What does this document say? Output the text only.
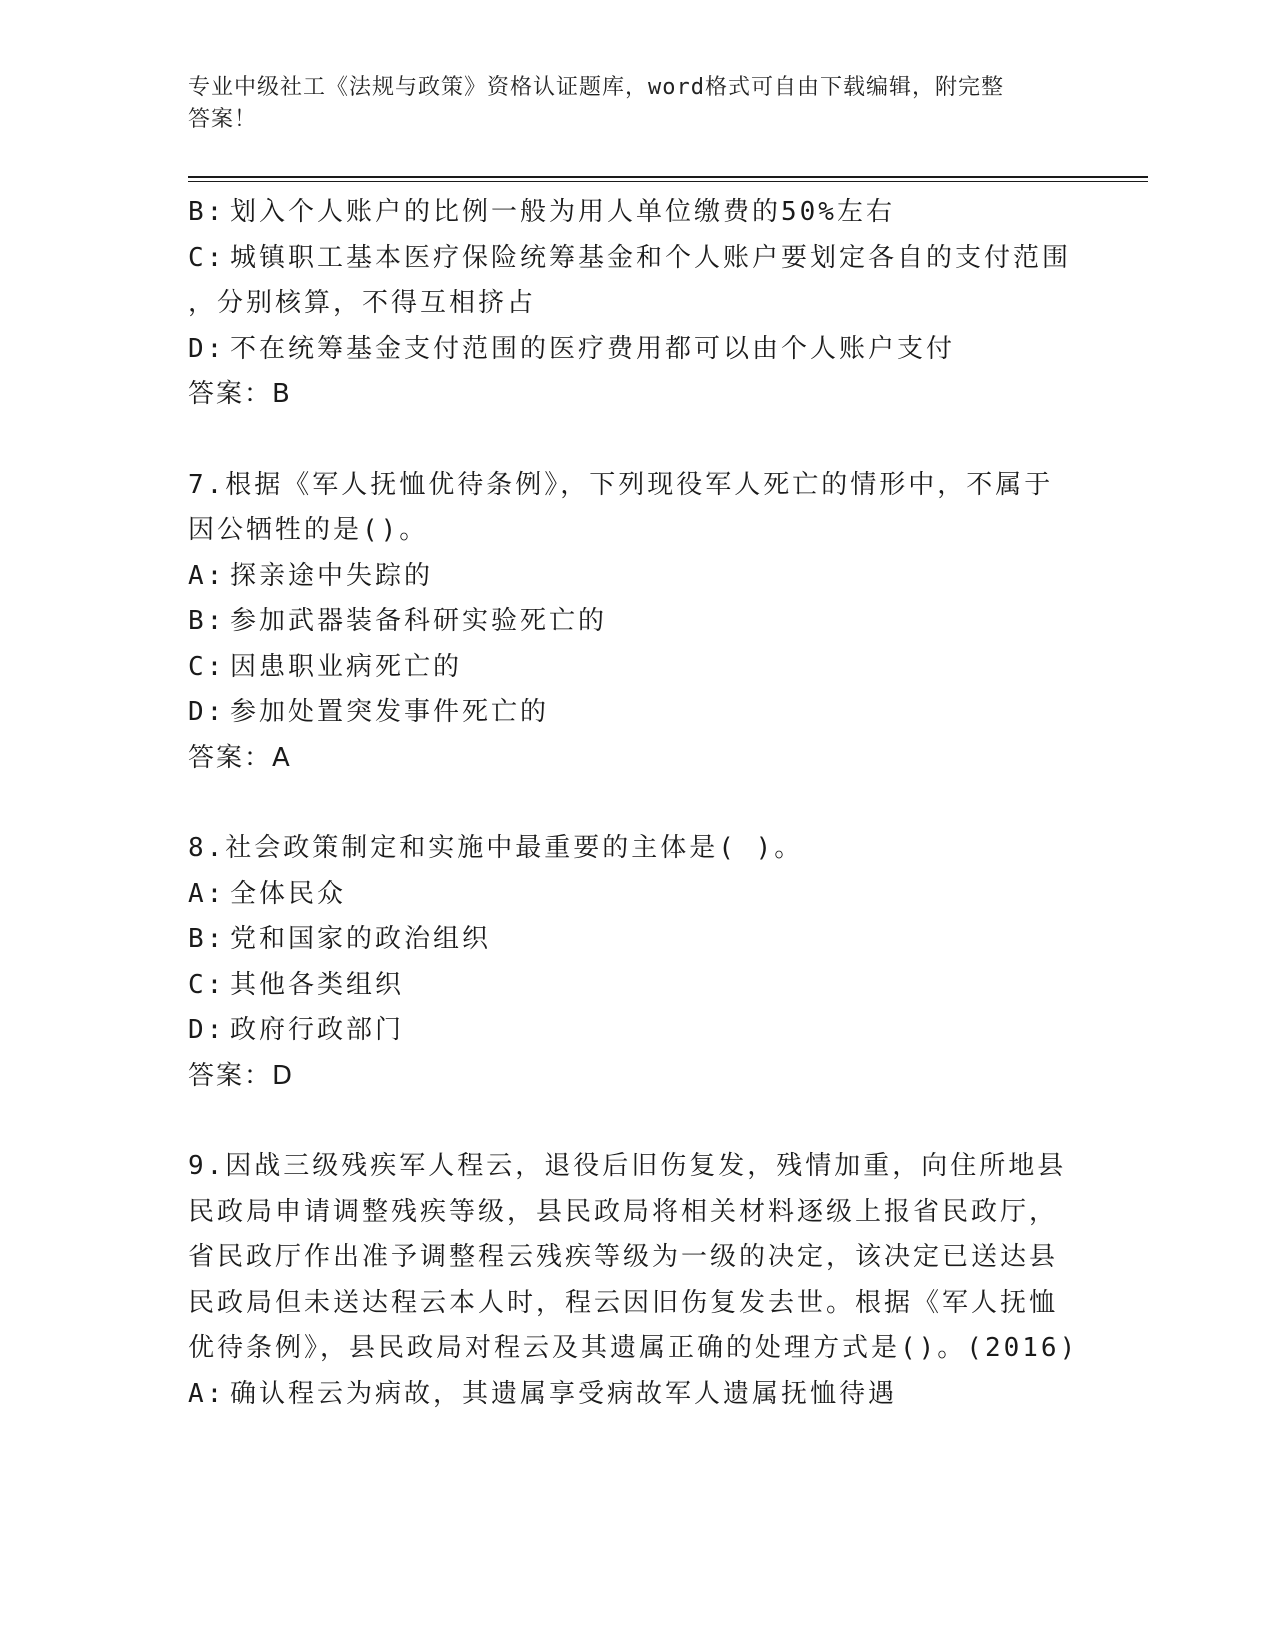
专业中级社工《法规与政策》资格认证题库，word格式可自由下载编辑，附完整
答案！
B: 划入个人账户的比例一般为用人单位缴费的50%左右
C: 城镇职工基本医疗保险统筹基金和个人账户要划定各自的支付范围
，分别核算，不得互相挤占
D: 不在统筹基金支付范围的医疗费用都可以由个人账户支付
答案：B
7.根据《军人抚恤优待条例》，下列现役军人死亡的情形中，不属于
因公牺牲的是()。
A: 探亲途中失踪的
B: 参加武器装备科研实验死亡的
C: 因患职业病死亡的
D: 参加处置突发事件死亡的
答案：A
8.社会政策制定和实施中最重要的主体是( )。
A: 全体民众
B: 党和国家的政治组织
C: 其他各类组织
D: 政府行政部门
答案：D
9.因战三级残疾军人程云，退役后旧伤复发，残情加重，向住所地县
民政局申请调整残疾等级，县民政局将相关材料逐级上报省民政厅，
省民政厅作出准予调整程云残疾等级为一级的决定，该决定已送达县
民政局但未送达程云本人时，程云因旧伤复发去世。根据《军人抚恤
优待条例》，县民政局对程云及其遗属正确的处理方式是()。(2016)
A: 确认程云为病故，其遗属享受病故军人遗属抚恤待遇
